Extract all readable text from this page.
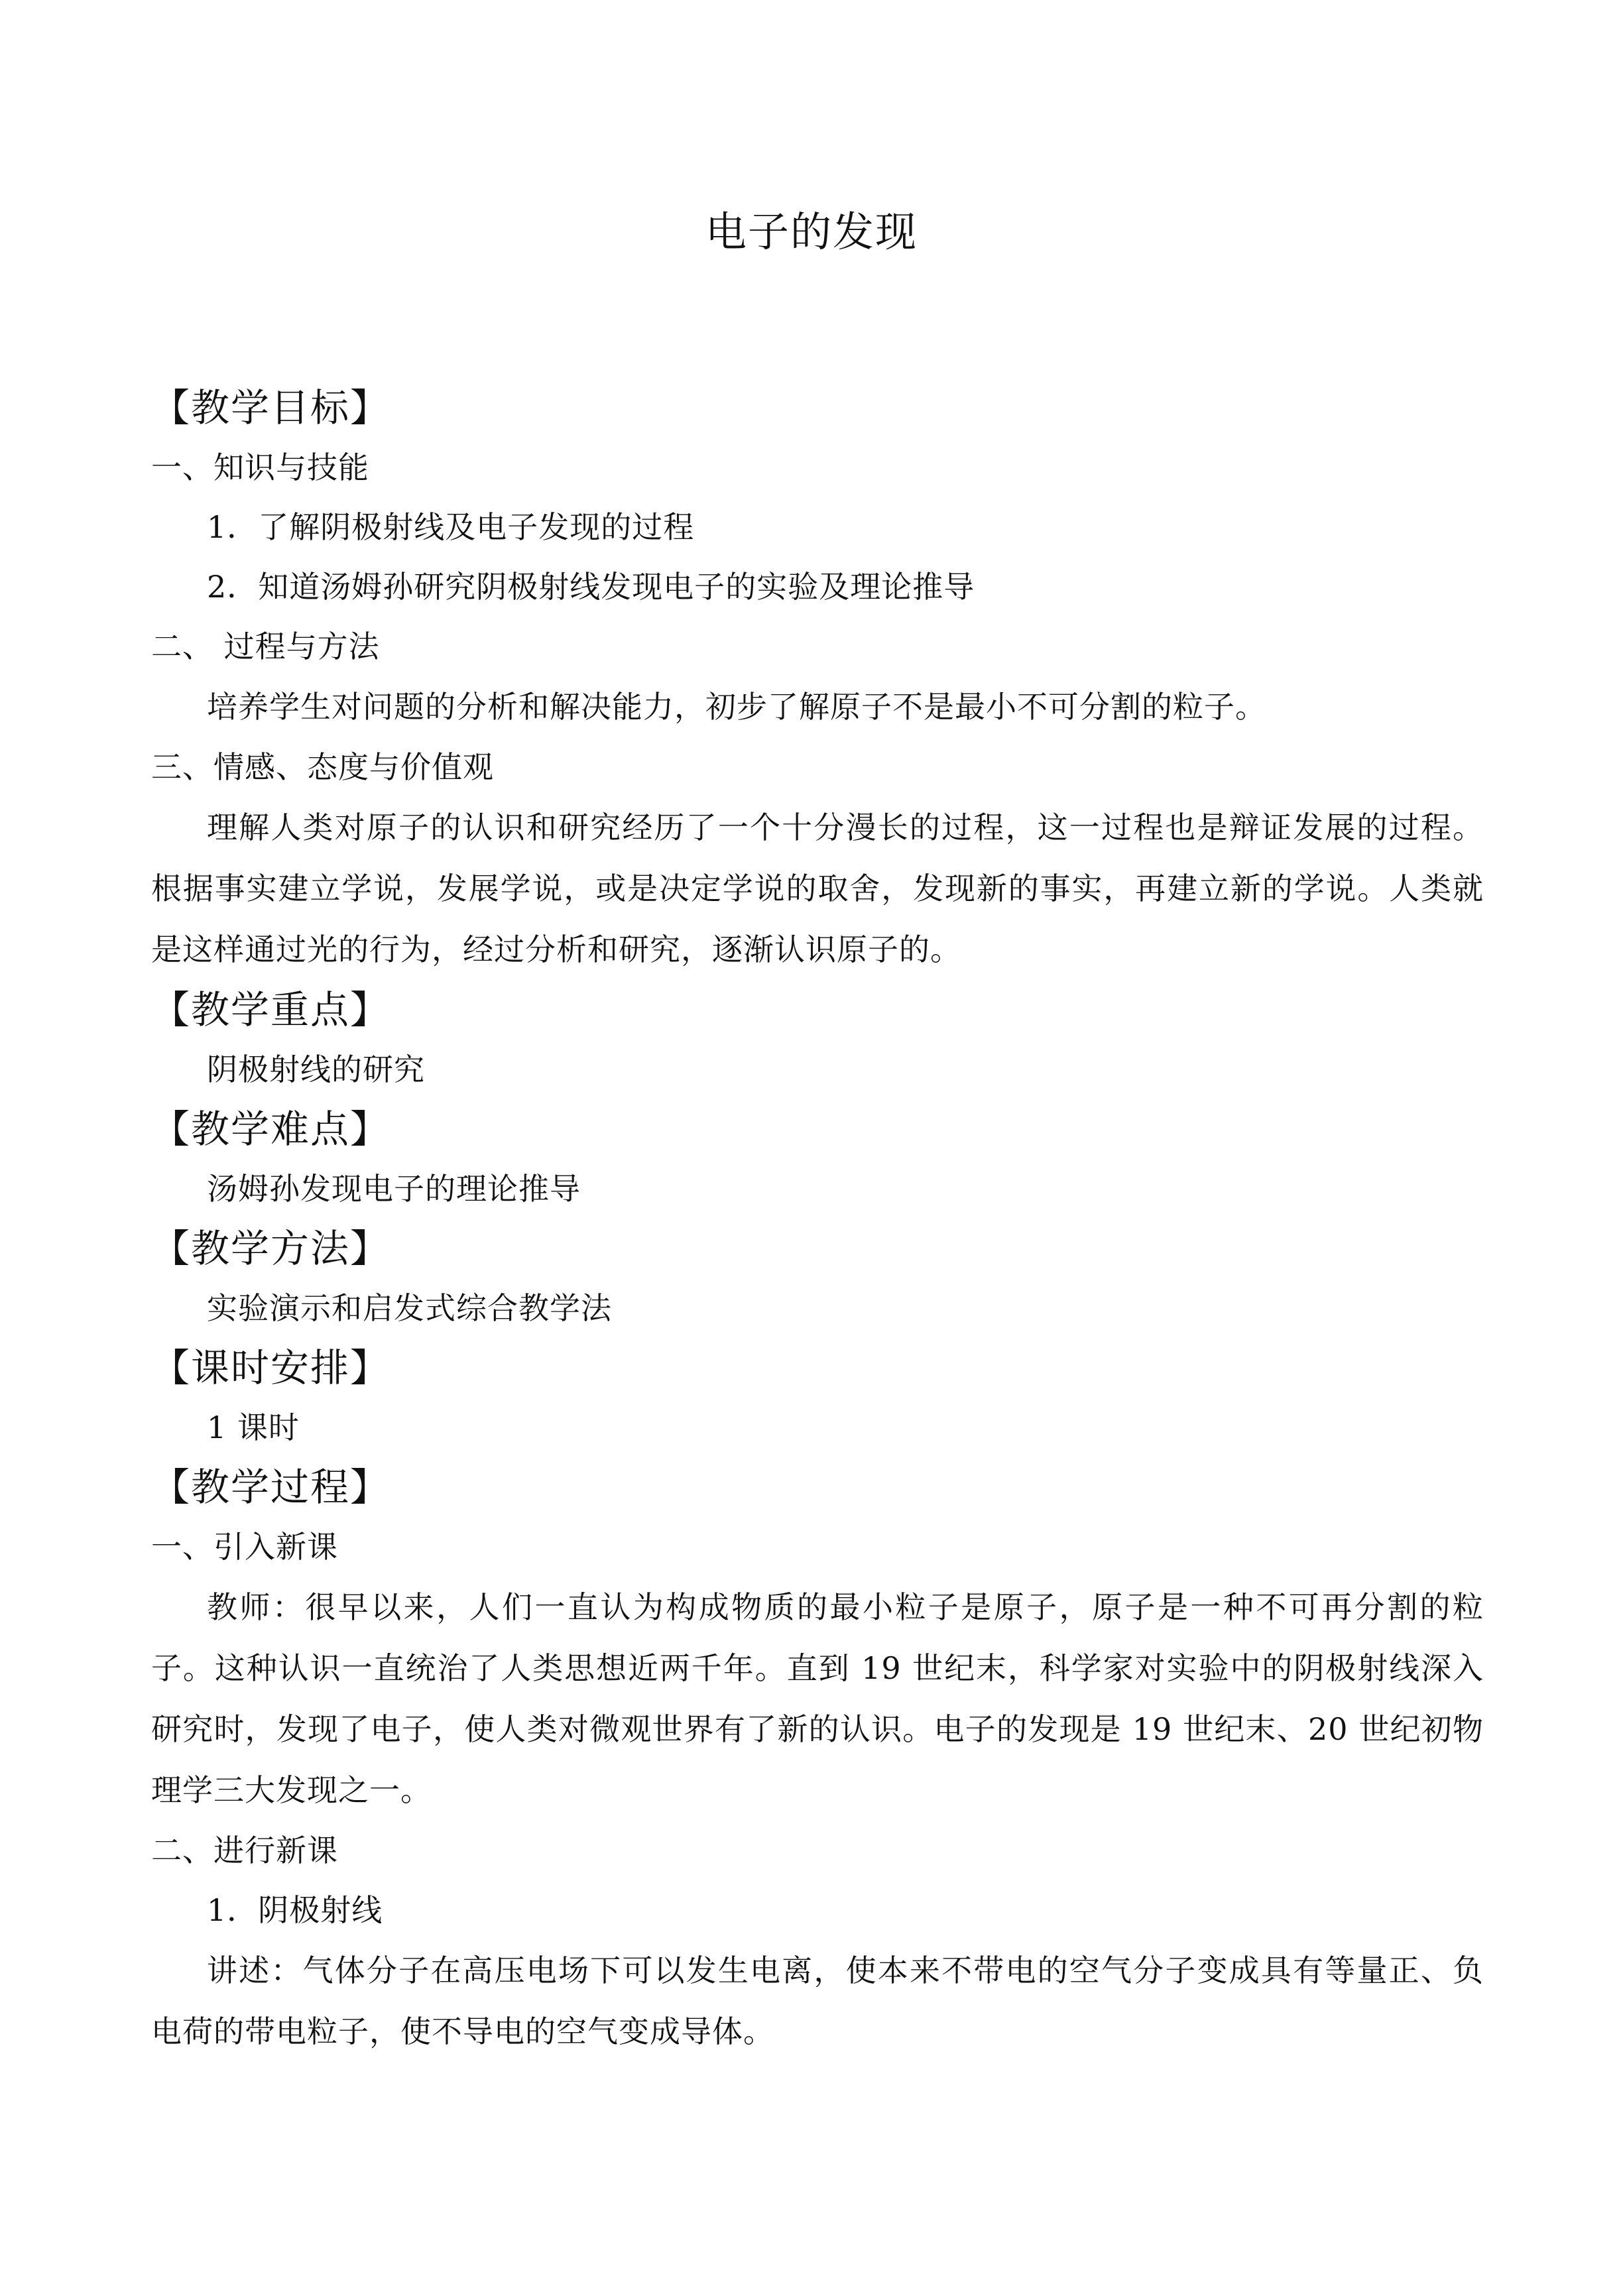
电子的发现

【教学目标】

一、知识与技能

1．了解阴极射线及电子发现的过程

2．知道汤姆孙研究阴极射线发现电子的实验及理论推导

二、 过程与方法

培养学生对问题的分析和解决能力，初步了解原子不是最小不可分割的粒子。

三、情感、态度与价值观

理解人类对原子的认识和研究经历了一个十分漫长的过程，这一过程也是辩证发展的过程。根据事实建立学说，发展学说，或是决定学说的取舍，发现新的事实，再建立新的学说。人类就是这样通过光的行为，经过分析和研究，逐渐认识原子的。

【教学重点】

阴极射线的研究

【教学难点】

汤姆孙发现电子的理论推导

【教学方法】

实验演示和启发式综合教学法

【课时安排】

1 课时

【教学过程】

一、引入新课

教师：很早以来，人们一直认为构成物质的最小粒子是原子，原子是一种不可再分割的粒子。这种认识一直统治了人类思想近两千年。直到 19 世纪末，科学家对实验中的阴极射线深入研究时，发现了电子，使人类对微观世界有了新的认识。电子的发现是 19 世纪末、20 世纪初物理学三大发现之一。

二、进行新课

1．阴极射线

讲述：气体分子在高压电场下可以发生电离，使本来不带电的空气分子变成具有等量正、负电荷的带电粒子，使不导电的空气变成导体。
